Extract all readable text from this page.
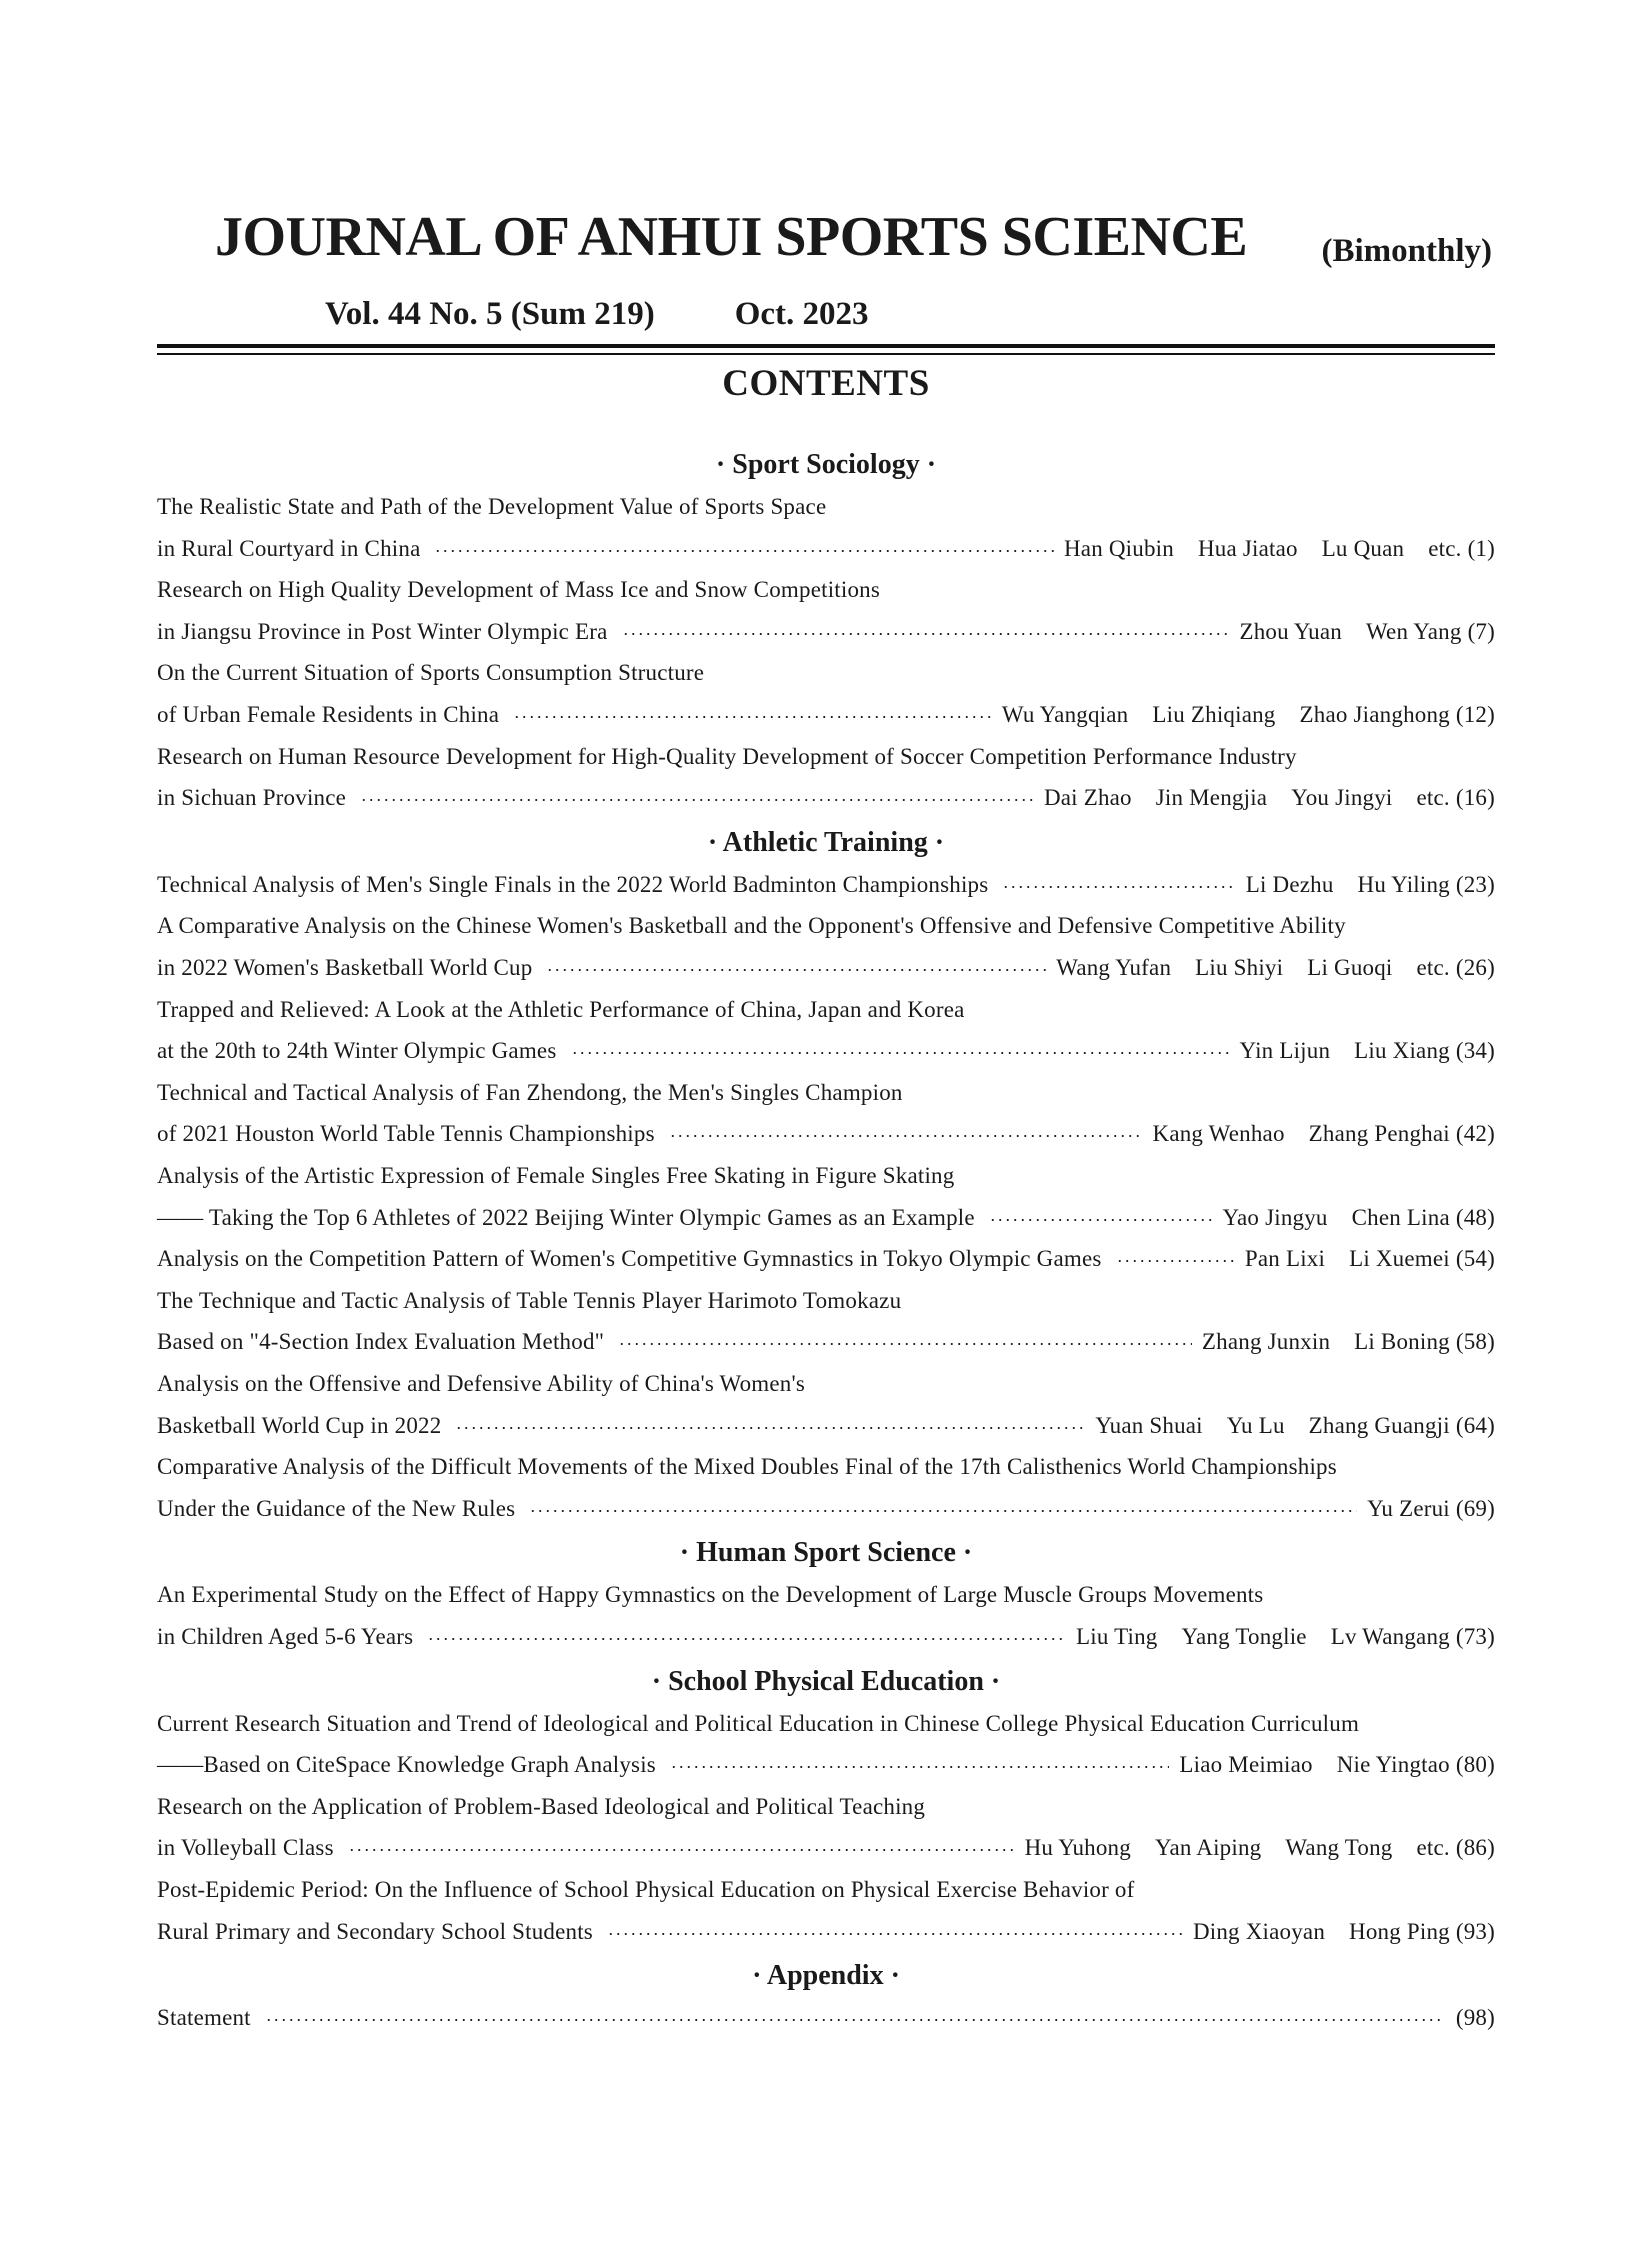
JOURNAL OF ANHUI SPORTS SCIENCE (Bimonthly)
Vol. 44 No. 5 (Sum 219) Oct. 2023
CONTENTS
· Sport Sociology ·
The Realistic State and Path of the Development Value of Sports Space
in Rural Courtyard in China	Han Qiubin Hua Jiatao Lu Quan etc. (1)
Research on High Quality Development of Mass Ice and Snow Competitions
in Jiangsu Province in Post Winter Olympic Era	Zhou Yuan Wen Yang (7)
On the Current Situation of Sports Consumption Structure
of Urban Female Residents in China	Wu Yangqian Liu Zhiqiang Zhao Jianghong (12)
Research on Human Resource Development for High-Quality Development of Soccer Competition Performance Industry
in Sichuan Province	Dai Zhao Jin Mengjia You Jingyi etc. (16)
· Athletic Training ·
Technical Analysis of Men's Single Finals in the 2022 World Badminton Championships	Li Dezhu Hu Yiling (23)
A Comparative Analysis on the Chinese Women's Basketball and the Opponent's Offensive and Defensive Competitive Ability
in 2022 Women's Basketball World Cup	Wang Yufan Liu Shiyi Li Guoqi etc. (26)
Trapped and Relieved: A Look at the Athletic Performance of China, Japan and Korea
at the 20th to 24th Winter Olympic Games	Yin Lijun Liu Xiang (34)
Technical and Tactical Analysis of Fan Zhendong, the Men's Singles Champion
of 2021 Houston World Table Tennis Championships	Kang Wenhao Zhang Penghai (42)
Analysis of the Artistic Expression of Female Singles Free Skating in Figure Skating
—— Taking the Top 6 Athletes of 2022 Beijing Winter Olympic Games as an Example	Yao Jingyu Chen Lina (48)
Analysis on the Competition Pattern of Women's Competitive Gymnastics in Tokyo Olympic Games	Pan Lixi Li Xuemei (54)
The Technique and Tactic Analysis of Table Tennis Player Harimoto Tomokazu
Based on "4-Section Index Evaluation Method"	Zhang Junxin Li Boning (58)
Analysis on the Offensive and Defensive Ability of China's Women's
Basketball World Cup in 2022	Yuan Shuai Yu Lu Zhang Guangji (64)
Comparative Analysis of the Difficult Movements of the Mixed Doubles Final of the 17th Calisthenics World Championships
Under the Guidance of the New Rules	Yu Zerui (69)
· Human Sport Science ·
An Experimental Study on the Effect of Happy Gymnastics on the Development of Large Muscle Groups Movements
in Children Aged 5-6 Years	Liu Ting Yang Tonglie Lv Wangang (73)
· School Physical Education ·
Current Research Situation and Trend of Ideological and Political Education in Chinese College Physical Education Curriculum
——Based on CiteSpace Knowledge Graph Analysis	Liao Meimiao Nie Yingtao (80)
Research on the Application of Problem-Based Ideological and Political Teaching
in Volleyball Class	Hu Yuhong Yan Aiping Wang Tong etc. (86)
Post-Epidemic Period: On the Influence of School Physical Education on Physical Exercise Behavior of
Rural Primary and Secondary School Students	Ding Xiaoyan Hong Ping (93)
· Appendix ·
Statement	(98)
